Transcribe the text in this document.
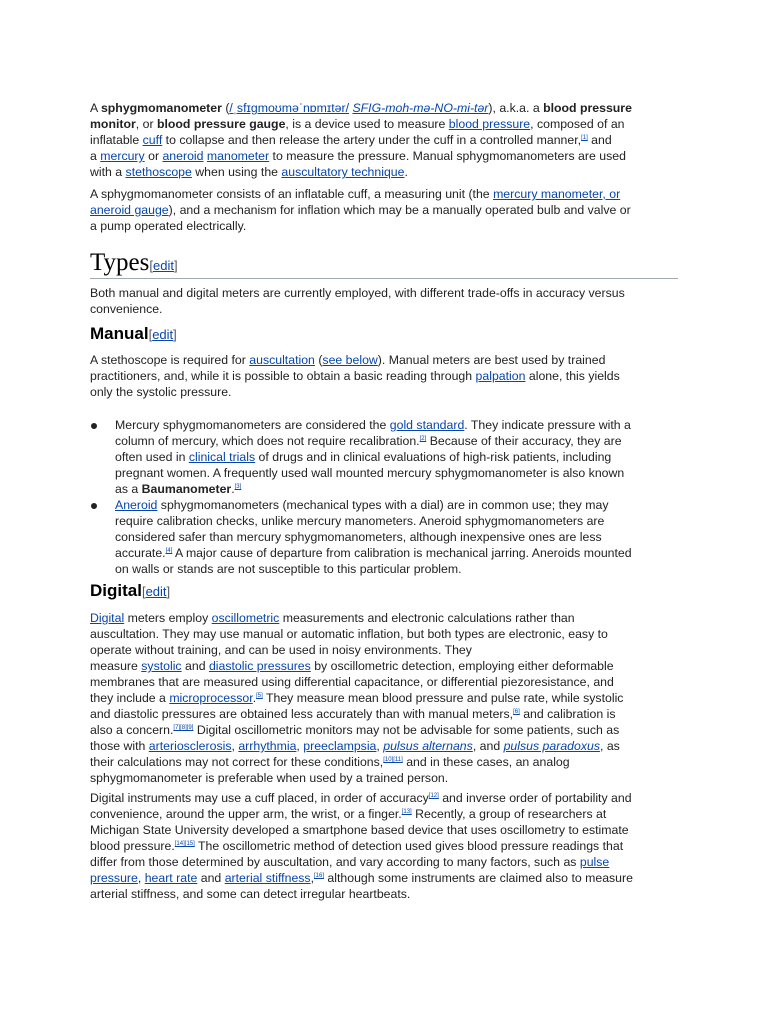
A sphygmomanometer (/ˌsfɪɡmoʊməˈnɒmɪtər/ SFIG-moh-mə-NO-mi-tər), a.k.a. a blood pressure
monitor, or blood pressure gauge, is a device used to measure blood pressure, composed of an
inflatable cuff to collapse and then release the artery under the cuff in a controlled manner,[1] and
a mercury or aneroid manometer to measure the pressure. Manual sphygmomanometers are used
with a stethoscope when using the auscultatory technique.
A sphygmomanometer consists of an inflatable cuff, a measuring unit (the mercury manometer, or
aneroid gauge), and a mechanism for inflation which may be a manually operated bulb and valve or
a pump operated electrically.
Types[edit]
Both manual and digital meters are currently employed, with different trade-offs in accuracy versus
convenience.
Manual[edit]
A stethoscope is required for auscultation (see below). Manual meters are best used by trained
practitioners, and, while it is possible to obtain a basic reading through palpation alone, this yields
only the systolic pressure.
Mercury sphygmomanometers are considered the gold standard. They indicate pressure with a
column of mercury, which does not require recalibration.[2] Because of their accuracy, they are
often used in clinical trials of drugs and in clinical evaluations of high-risk patients, including
pregnant women. A frequently used wall mounted mercury sphygmomanometer is also known
as a Baumanometer.[3]
Aneroid sphygmomanometers (mechanical types with a dial) are in common use; they may
require calibration checks, unlike mercury manometers. Aneroid sphygmomanometers are
considered safer than mercury sphygmomanometers, although inexpensive ones are less
accurate.[4] A major cause of departure from calibration is mechanical jarring. Aneroids mounted
on walls or stands are not susceptible to this particular problem.
Digital[edit]
Digital meters employ oscillometric measurements and electronic calculations rather than
auscultation. They may use manual or automatic inflation, but both types are electronic, easy to
operate without training, and can be used in noisy environments. They
measure systolic and diastolic pressures by oscillometric detection, employing either deformable
membranes that are measured using differential capacitance, or differential piezoresistance, and
they include a microprocessor.[5] They measure mean blood pressure and pulse rate, while systolic
and diastolic pressures are obtained less accurately than with manual meters,[6] and calibration is
also a concern.[7][8][9] Digital oscillometric monitors may not be advisable for some patients, such as
those with arteriosclerosis, arrhythmia, preeclampsia, pulsus alternans, and pulsus paradoxus, as
their calculations may not correct for these conditions,[10][11] and in these cases, an analog
sphygmomanometer is preferable when used by a trained person.
Digital instruments may use a cuff placed, in order of accuracy[12] and inverse order of portability and
convenience, around the upper arm, the wrist, or a finger.[13] Recently, a group of researchers at
Michigan State University developed a smartphone based device that uses oscillometry to estimate
blood pressure.[14][15] The oscillometric method of detection used gives blood pressure readings that
differ from those determined by auscultation, and vary according to many factors, such as pulse
pressure, heart rate and arterial stiffness,[16] although some instruments are claimed also to measure
arterial stiffness, and some can detect irregular heartbeats.
